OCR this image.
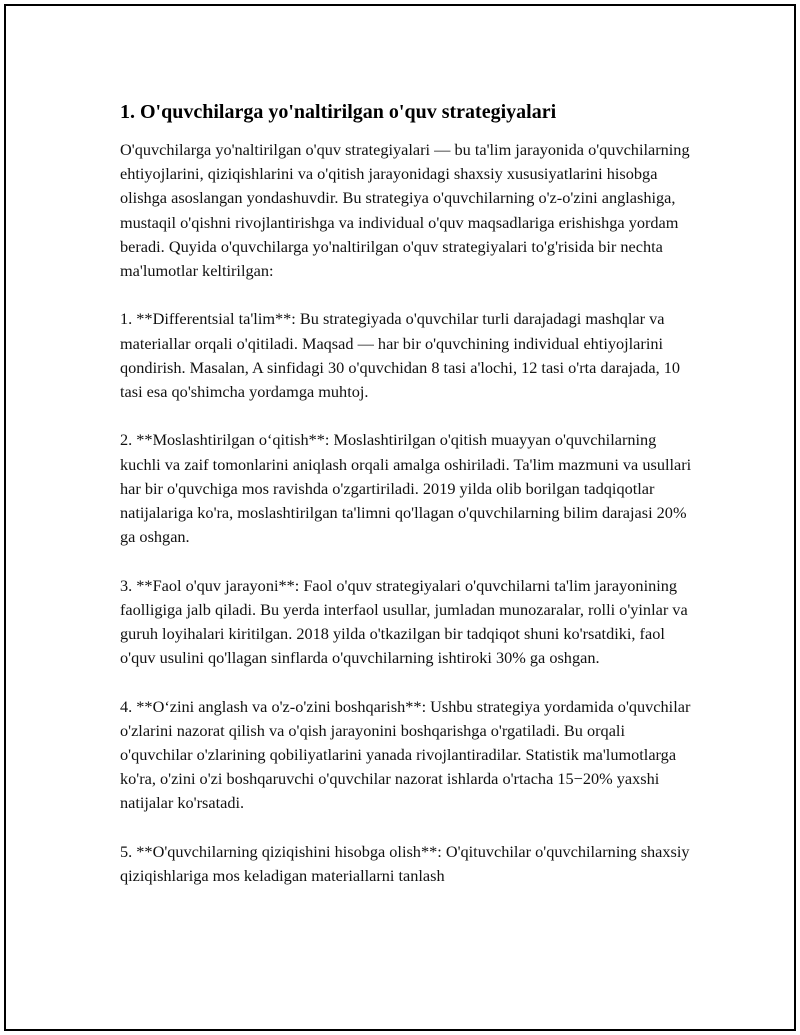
1. O'quvchilarga yo'naltirilgan o'quv strategiyalari

O'quvchilarga yo'naltirilgan o'quv strategiyalari — bu ta'lim jarayonida o'quvchilarning ehtiyojlarini, qiziqishlarini va o'qitish jarayonidagi shaxsiy xususiyatlarini hisobga olishga asoslangan yondashuvdir. Bu strategiya o'quvchilarning o'z-o'zini anglashiga, mustaqil o'qishni rivojlantirishga va individual o'quv maqsadlariga erishishga yordam beradi. Quyida o'quvchilarga yo'naltirilgan o'quv strategiyalari to'g'risida bir nechta ma'lumotlar keltirilgan:

1. **Differentsial ta'lim**: Bu strategiyada o'quvchilar turli darajadagi mashqlar va materiallar orqali o'qitiladi. Maqsad — har bir o'quvchining individual ehtiyojlarini qondirish. Masalan, A sinfidagi 30 o'quvchidan 8 tasi a'lochi, 12 tasi o'rta darajada, 10 tasi esa qo'shimcha yordamga muhtoj.

2. **Moslashtirilgan o‘qitish**: Moslashtirilgan o'qitish muayyan o'quvchilarning kuchli va zaif tomonlarini aniqlash orqali amalga oshiriladi. Ta'lim mazmuni va usullari har bir o'quvchiga mos ravishda o'zgartiriladi. 2019 yilda olib borilgan tadqiqotlar natijalariga ko'ra, moslashtirilgan ta'limni qo'llagan o'quvchilarning bilim darajasi 20% ga oshgan.

3. **Faol o'quv jarayoni**: Faol o'quv strategiyalari o'quvchilarni ta'lim jarayonining faolligiga jalb qiladi. Bu yerda interfaol usullar, jumladan munozaralar, rolli o'yinlar va guruh loyihalari kiritilgan. 2018 yilda o'tkazilgan bir tadqiqot shuni ko'rsatdiki, faol o'quv usulini qo'llagan sinflarda o'quvchilarning ishtiroki 30% ga oshgan.

4. **O‘zini anglash va o'z-o'zini boshqarish**: Ushbu strategiya yordamida o'quvchilar o'zlarini nazorat qilish va o'qish jarayonini boshqarishga o'rgatiladi. Bu orqali o'quvchilar o'zlarining qobiliyatlarini yanada rivojlantiradilar. Statistik ma'lumotlarga ko'ra, o'zini o'zi boshqaruvchi o'quvchilar nazorat ishlarda o'rtacha 15−20% yaxshi natijalar ko'rsatadi.

5. **O'quvchilarning qiziqishini hisobga olish**: O'qituvchilar o'quvchilarning shaxsiy qiziqishlariga mos keladigan materiallarni tanlash
